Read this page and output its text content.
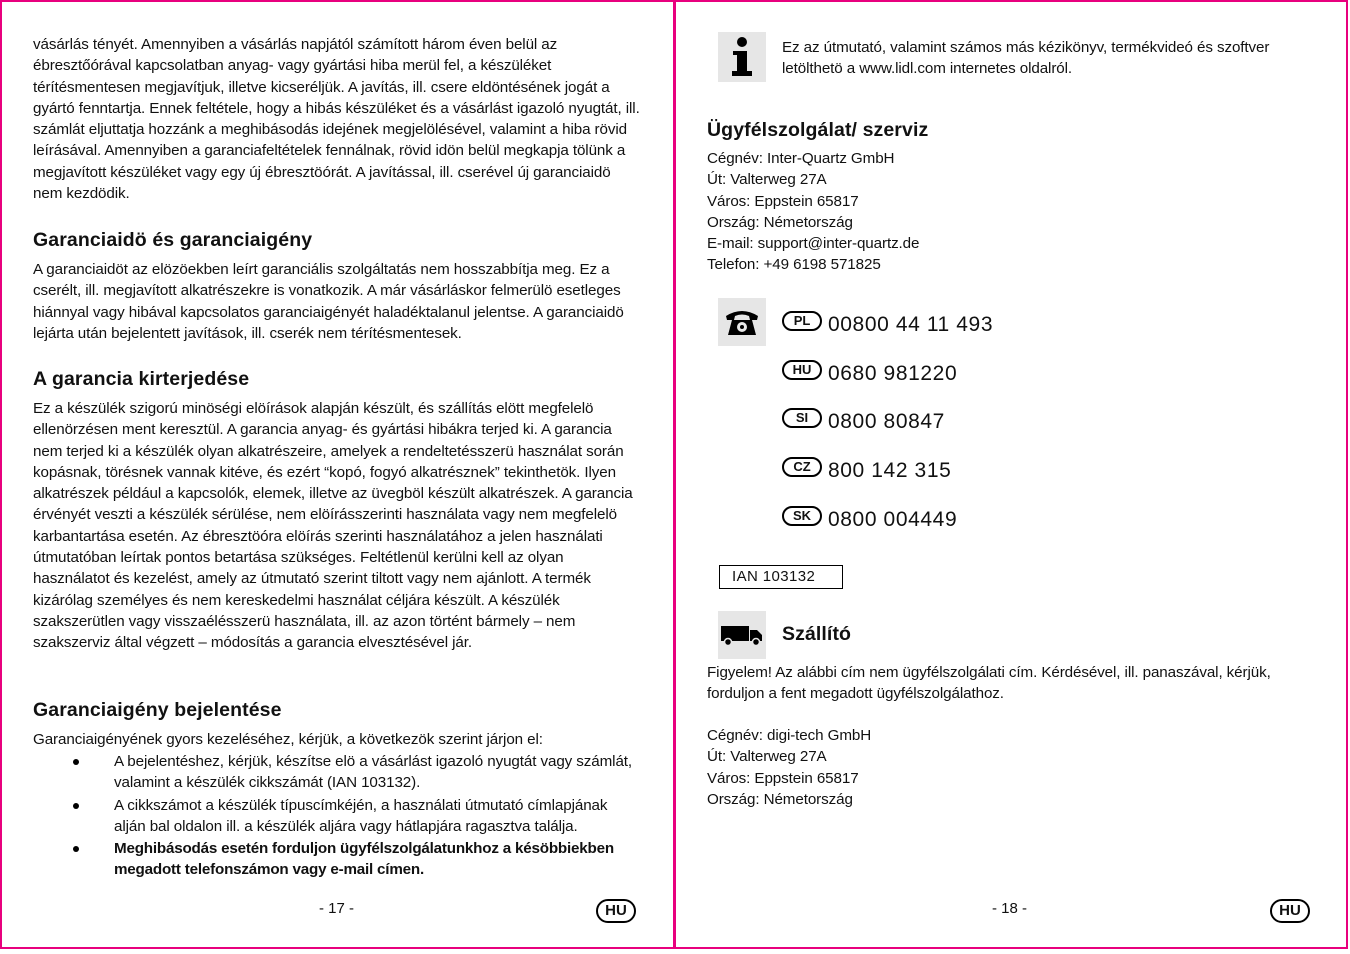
vásárlás tényét. Amennyiben a vásárlás napjától számított három éven belül az ébresztőórával kapcsolatban anyag- vagy gyártási hiba merül fel, a készüléket térítésmentesen megjavítjuk, illetve kicseréljük. A javítás, ill. csere eldöntésének jogát a gyártó fenntartja. Ennek feltétele, hogy a hibás készüléket és a vásárlást igazoló nyugtát, ill. számlát eljuttatja hozzánk a meghibásodás idejének megjelölésével, valamint a hiba rövid leírásával. Amennyiben a garanciafeltételek fennálnak, rövid idön belül megkapja tölünk a megjavított készüléket vagy egy új ébresztöórát. A javítással, ill. cserével új garanciaidö nem kezdödik.

Garanciaidö és garanciaigény

A garanciaidöt az elözöekben leírt garanciális szolgáltatás nem hosszabbítja meg. Ez a cserélt, ill. megjavított alkatrészekre is vonatkozik. A már vásárláskor felmerülö esetleges hiánnyal vagy hibával kapcsolatos garanciaigényét haladéktalanul jelentse. A garanciaidö lejárta után bejelentett javítások, ill. cserék nem térítésmentesek.

A garancia kirterjedése

Ez a készülék szigorú minöségi elöírások alapján készült, és szállítás elött megfelelö ellenörzésen ment keresztül. A garancia anyag- és gyártási hibákra terjed ki. A garancia nem terjed ki a készülék olyan alkatrészeire, amelyek a rendeltetésszerü használat során kopásnak, törésnek vannak kitéve, és ezért “kopó, fogyó alkatrésznek” tekinthetök. Ilyen alkatrészek például a kapcsolók, elemek, illetve az üvegböl készült alkatrészek. A garancia érvényét veszti a készülék sérülése, nem elöírásszerinti használata vagy nem megfelelö karbantartása esetén. Az ébresztöóra elöírás szerinti használatához a jelen használati útmutatóban leírtak pontos betartása szükséges. Feltétlenül kerülni kell az olyan használatot és kezelést, amely az útmutató szerint tiltott vagy nem ajánlott. A termék kizárólag személyes és nem kereskedelmi használat céljára készült. A készülék szakszerütlen vagy visszaélésszerü használata, ill. az azon történt bármely – nem szakszerviz által végzett – módosítás a garancia elvesztésével jár.

Garanciaigény bejelentése

Garanciaigényének gyors kezeléséhez, kérjük, a következök szerint járjon el:

A bejelentéshez, kérjük, készítse elö a vásárlást igazoló nyugtát vagy számlát, valamint a készülék cikkszámát (IAN 103132).
A cikkszámot a készülék típuscímkéjén, a használati útmutató címlapjának alján bal oldalon ill. a készülék aljára vagy hátlapjára ragasztva találja.
Meghibásodás esetén forduljon ügyfélszolgálatunkhoz a késöbbiekben megadott telefonszámon vagy e-mail címen.
- 17 -	HU

Ez az útmutató, valamint számos más kézikönyv, termékvideó és szoftver letölthetö a www.lidl.com internetes oldalról.

Ügyfélszolgálat/ szerviz
Cégnév: Inter-Quartz GmbH
Út: Valterweg 27A
Város: Eppstein 65817
Ország: Németország
E-mail: support@inter-quartz.de
Telefon: +49 6198 571825
PL 00800 44 11 493
HU 0680 981220
SI 0800 80847
CZ 800 142 315
SK 0800 004449
IAN 103132
Szállító

Figyelem! Az alábbi cím nem ügyfélszolgálati cím. Kérdésével, ill. panaszával, kérjük, forduljon a fent megadott ügyfélszolgálathoz.

Cégnév: digi-tech GmbH
Út: Valterweg 27A
Város: Eppstein 65817
Ország: Németország
- 18 -	HU
